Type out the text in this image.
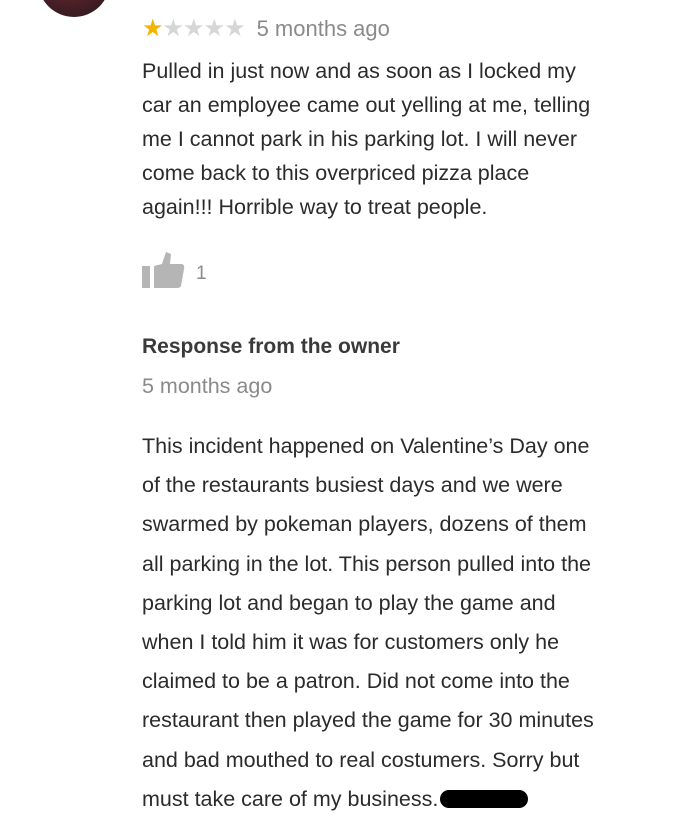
★ ★ ★ ★ ★ 5 months ago
Pulled in just now and as soon as I locked my
car an employee came out yelling at me, telling
me I cannot park in his parking lot. I will never
come back to this overpriced pizza place
again!!! Horrible way to treat people.
1
Response from the owner
5 months ago
This incident happened on Valentine’s Day one
of the restaurants busiest days and we were
swarmed by pokeman players, dozens of them
all parking in the lot. This person pulled into the
parking lot and began to play the game and
when I told him it was for customers only he
claimed to be a patron. Did not come into the
restaurant then played the game for 30 minutes
and bad mouthed to real costumers. Sorry but
must take care of my business.
